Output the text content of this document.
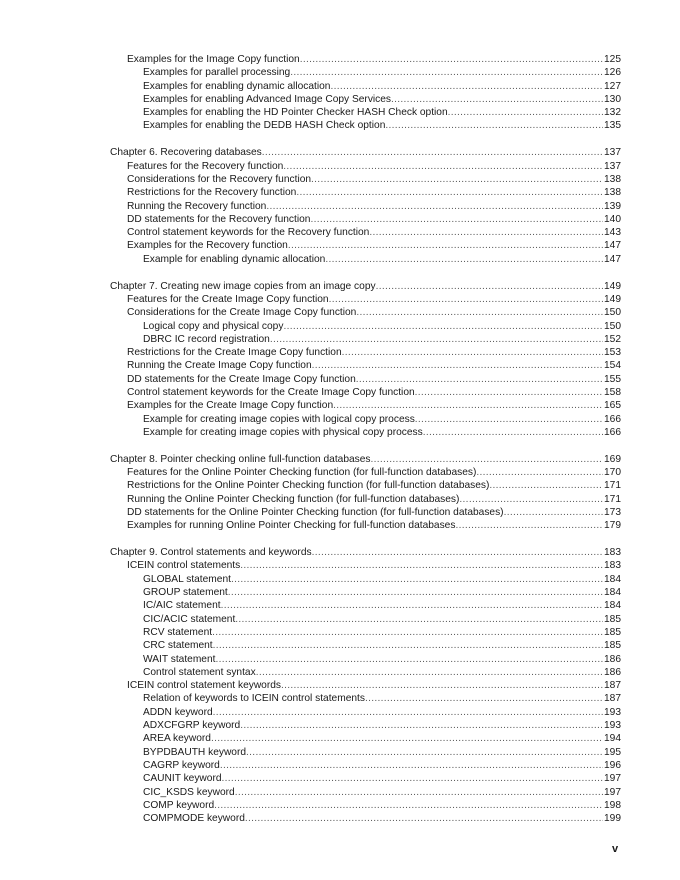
Examples for the Image Copy function .....	125
Examples for parallel processing .....	126
Examples for enabling dynamic allocation .....	127
Examples for enabling Advanced Image Copy Services .....	130
Examples for enabling the HD Pointer Checker HASH Check option .....	132
Examples for enabling the DEDB HASH Check option .....	135
Chapter 6. Recovering databases .....	137
Features for the Recovery function .....	137
Considerations for the Recovery function .....	138
Restrictions for the Recovery function .....	138
Running the Recovery function .....	139
DD statements for the Recovery function .....	140
Control statement keywords for the Recovery function .....	143
Examples for the Recovery function .....	147
Example for enabling dynamic allocation .....	147
Chapter 7. Creating new image copies from an image copy .....	149
Features for the Create Image Copy function .....	149
Considerations for the Create Image Copy function .....	150
Logical copy and physical copy .....	150
DBRC IC record registration .....	152
Restrictions for the Create Image Copy function .....	153
Running the Create Image Copy function .....	154
DD statements for the Create Image Copy function .....	155
Control statement keywords for the Create Image Copy function .....	158
Examples for the Create Image Copy function .....	165
Example for creating image copies with logical copy process .....	166
Example for creating image copies with physical copy process .....	166
Chapter 8. Pointer checking online full-function databases .....	169
Features for the Online Pointer Checking function (for full-function databases) .....	170
Restrictions for the Online Pointer Checking function (for full-function databases) .....	171
Running the Online Pointer Checking function (for full-function databases) .....	171
DD statements for the Online Pointer Checking function (for full-function databases) .....	173
Examples for running Online Pointer Checking for full-function databases .....	179
Chapter 9. Control statements and keywords .....	183
ICEIN control statements .....	183
GLOBAL statement .....	184
GROUP statement .....	184
IC/AIC statement .....	184
CIC/ACIC statement .....	185
RCV statement .....	185
CRC statement .....	185
WAIT statement .....	186
Control statement syntax .....	186
ICEIN control statement keywords .....	187
Relation of keywords to ICEIN control statements .....	187
ADDN keyword .....	193
ADXCFGRP keyword .....	193
AREA keyword .....	194
BYPDBAUTH keyword .....	195
CAGRP keyword .....	196
CAUNIT keyword .....	197
CIC_KSDS keyword .....	197
COMP keyword .....	198
COMPMODE keyword .....	199
v
